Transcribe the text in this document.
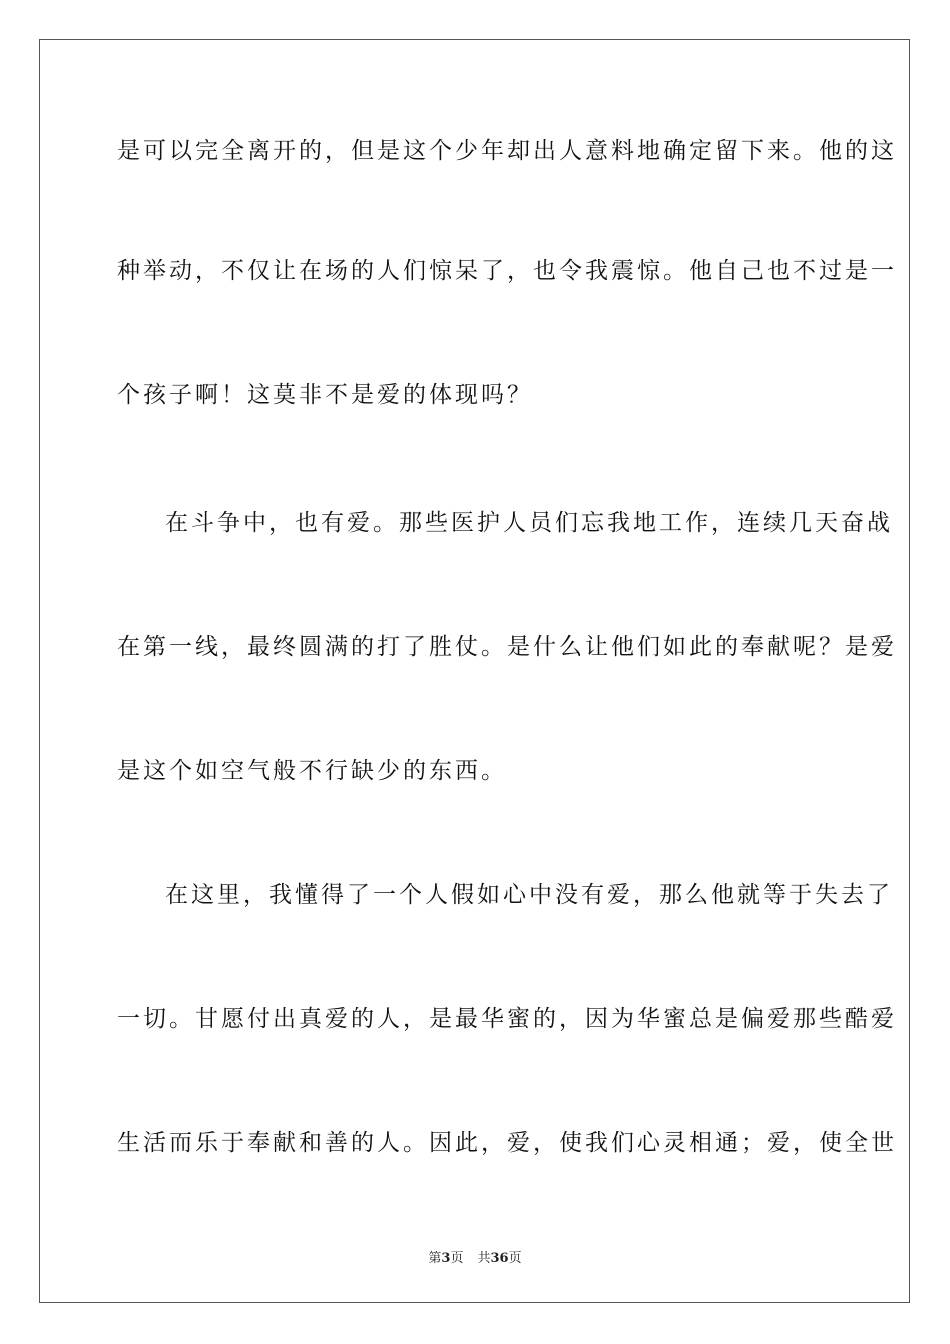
是可以完全离开的，但是这个少年却出人意料地确定留下来。他的这
种举动，不仅让在场的人们惊呆了，也令我震惊。他自己也不过是一
个孩子啊！这莫非不是爱的体现吗？
在斗争中，也有爱。那些医护人员们忘我地工作，连续几天奋战
在第一线，最终圆满的打了胜仗。是什么让他们如此的奉献呢？是爱
是这个如空气般不行缺少的东西。
在这里，我懂得了一个人假如心中没有爱，那么他就等于失去了
一切。甘愿付出真爱的人，是最华蜜的，因为华蜜总是偏爱那些酷爱
生活而乐于奉献和善的人。因此，爱，使我们心灵相通；爱，使全世
第3页 共36页
